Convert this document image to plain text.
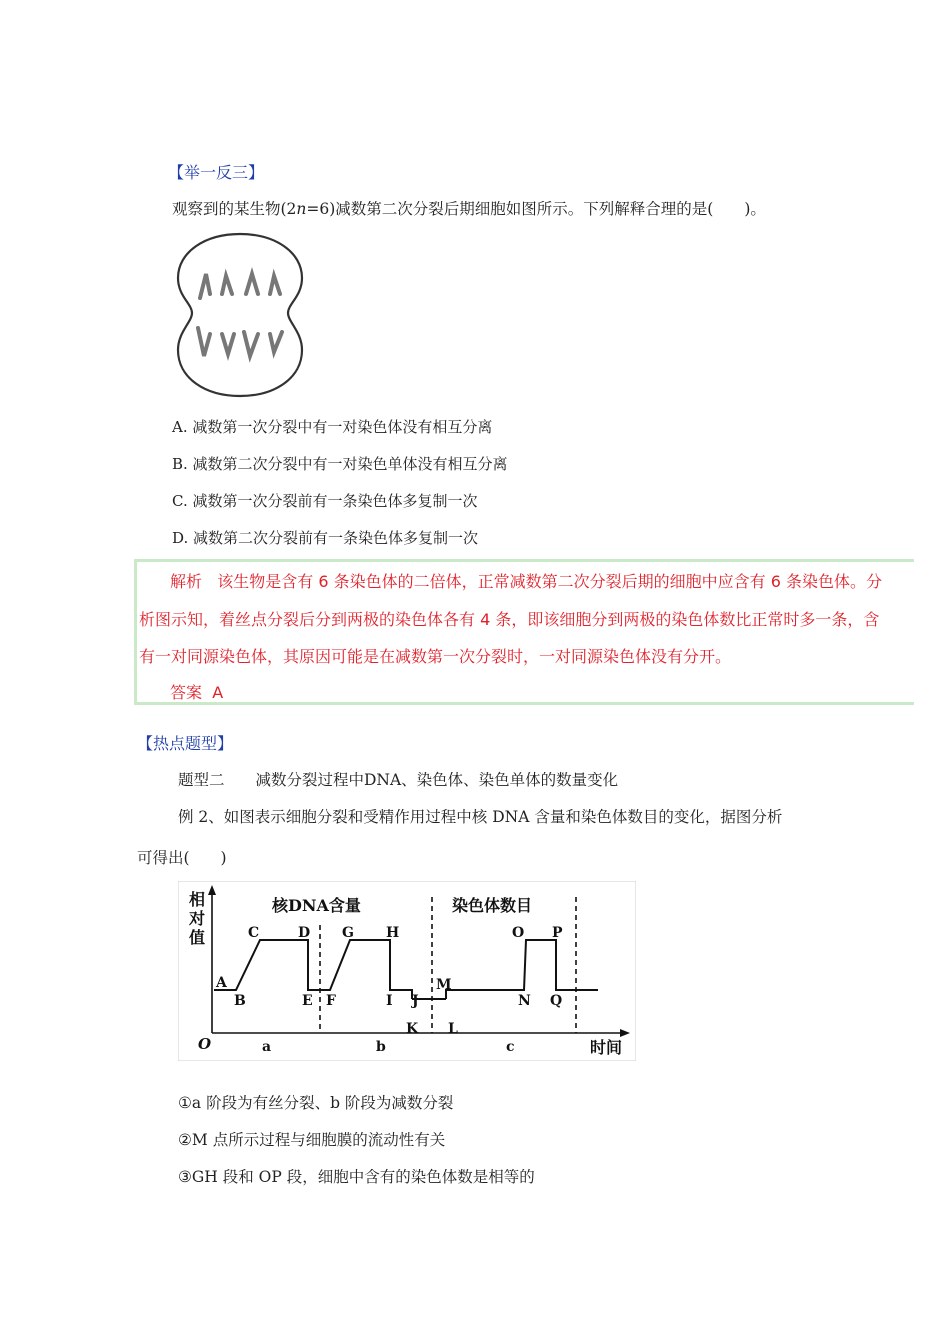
【举一反三】
观察到的某生物(2n=6)减数第二次分裂后期细胞如图所示。下列解释合理的是(　　)。
A. 减数第一次分裂中有一对染色体没有相互分离
B. 减数第二次分裂中有一对染色单体没有相互分离
C. 减数第一次分裂前有一条染色体多复制一次
D. 减数第二次分裂前有一条染色体多复制一次
解析 该生物是含有 6 条染色体的二倍体，正常减数第二次分裂后期的细胞中应含有 6 条染色体。分
析图示知，着丝点分裂后分到两极的染色体各有 4 条，即该细胞分到两极的染色体数比正常时多一条，含
有一对同源染色体，其原因可能是在减数第一次分裂时，一对同源染色体没有分开。
答案 A
【热点题型】
题型二　　减数分裂过程中DNA、染色体、染色单体的数量变化
例 2、如图表示细胞分裂和受精作用过程中核 DNA 含量和染色体数目的变化，据图分析
可得出(　　)
相
对
值
核DNA含量	染色体数目
O	时间
a	b	c
A
B
C	D
E F
G H
I J
K L
M
N
O P
Q
①a 阶段为有丝分裂、b 阶段为减数分裂
②M 点所示过程与细胞膜的流动性有关
③GH 段和 OP 段，细胞中含有的染色体数是相等的
